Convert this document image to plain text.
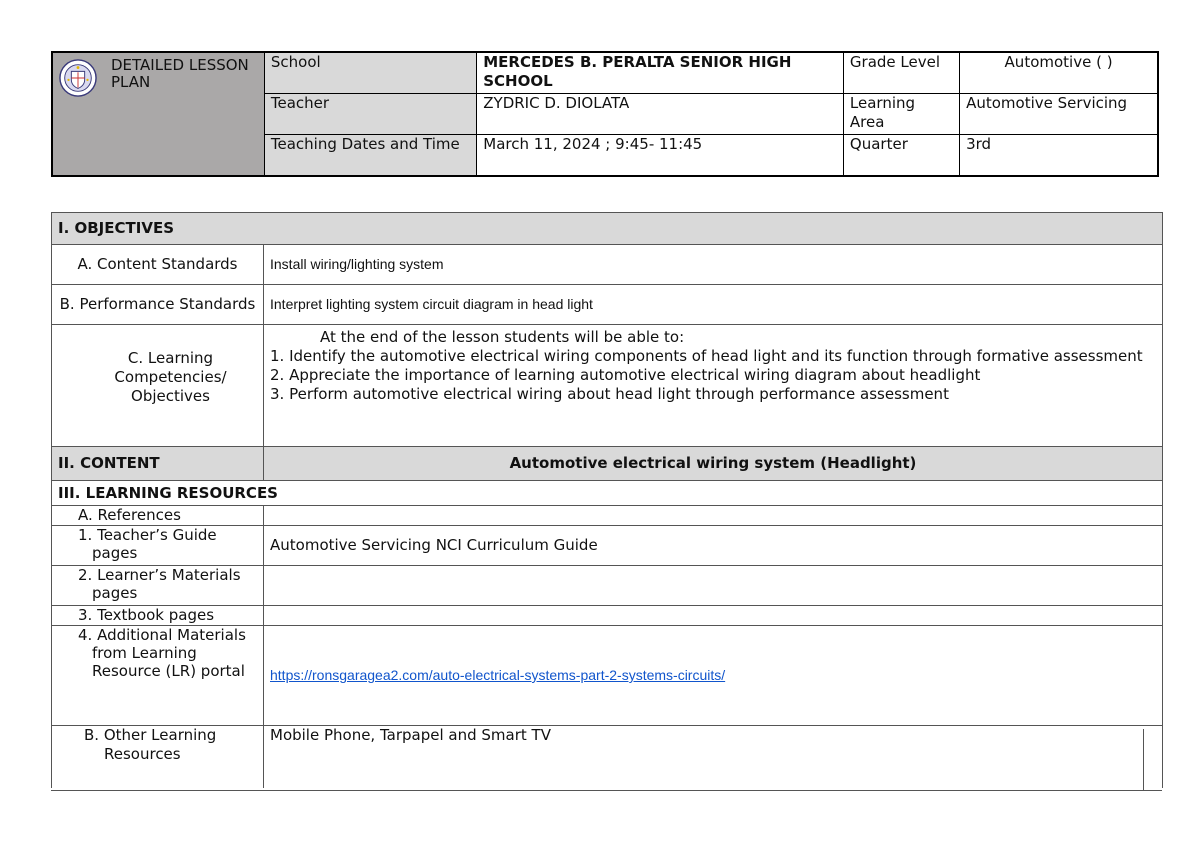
DETAILED LESSON PLAN	School	MERCEDES B. PERALTA SENIOR HIGH SCHOOL	Grade Level	Automotive ( )
	Teacher	ZYDRIC D. DIOLATA	Learning Area	Automotive Servicing
	Teaching Dates and Time	March 11, 2024 ; 9:45- 11:45	Quarter	3rd
I. OBJECTIVES	
A. Content Standards	Install wiring/lighting system
B. Performance Standards	Interpret lighting system circuit diagram in head light
C. Learning Competencies/ Objectives	At the end of the lesson students will be able to:
1. Identify the automotive electrical wiring components of head light and its function through formative assessment
2. Appreciate the importance of learning automotive electrical wiring diagram about headlight
3. Perform automotive electrical wiring about head light through performance assessment

II. CONTENT	Automotive electrical wiring system (Headlight)
III. LEARNING RESOURCES	
A. References	
1. Teacher’s Guide pages	Automotive Servicing NCI Curriculum Guide
2. Learner’s Materials pages	
3. Textbook pages	
4. Additional Materials from Learning Resource (LR) portal	https://ronsgaragea2.com/auto-electrical-systems-part-2-systems-circuits/
B. Other Learning Resources	Mobile Phone, Tarpapel and Smart TV
